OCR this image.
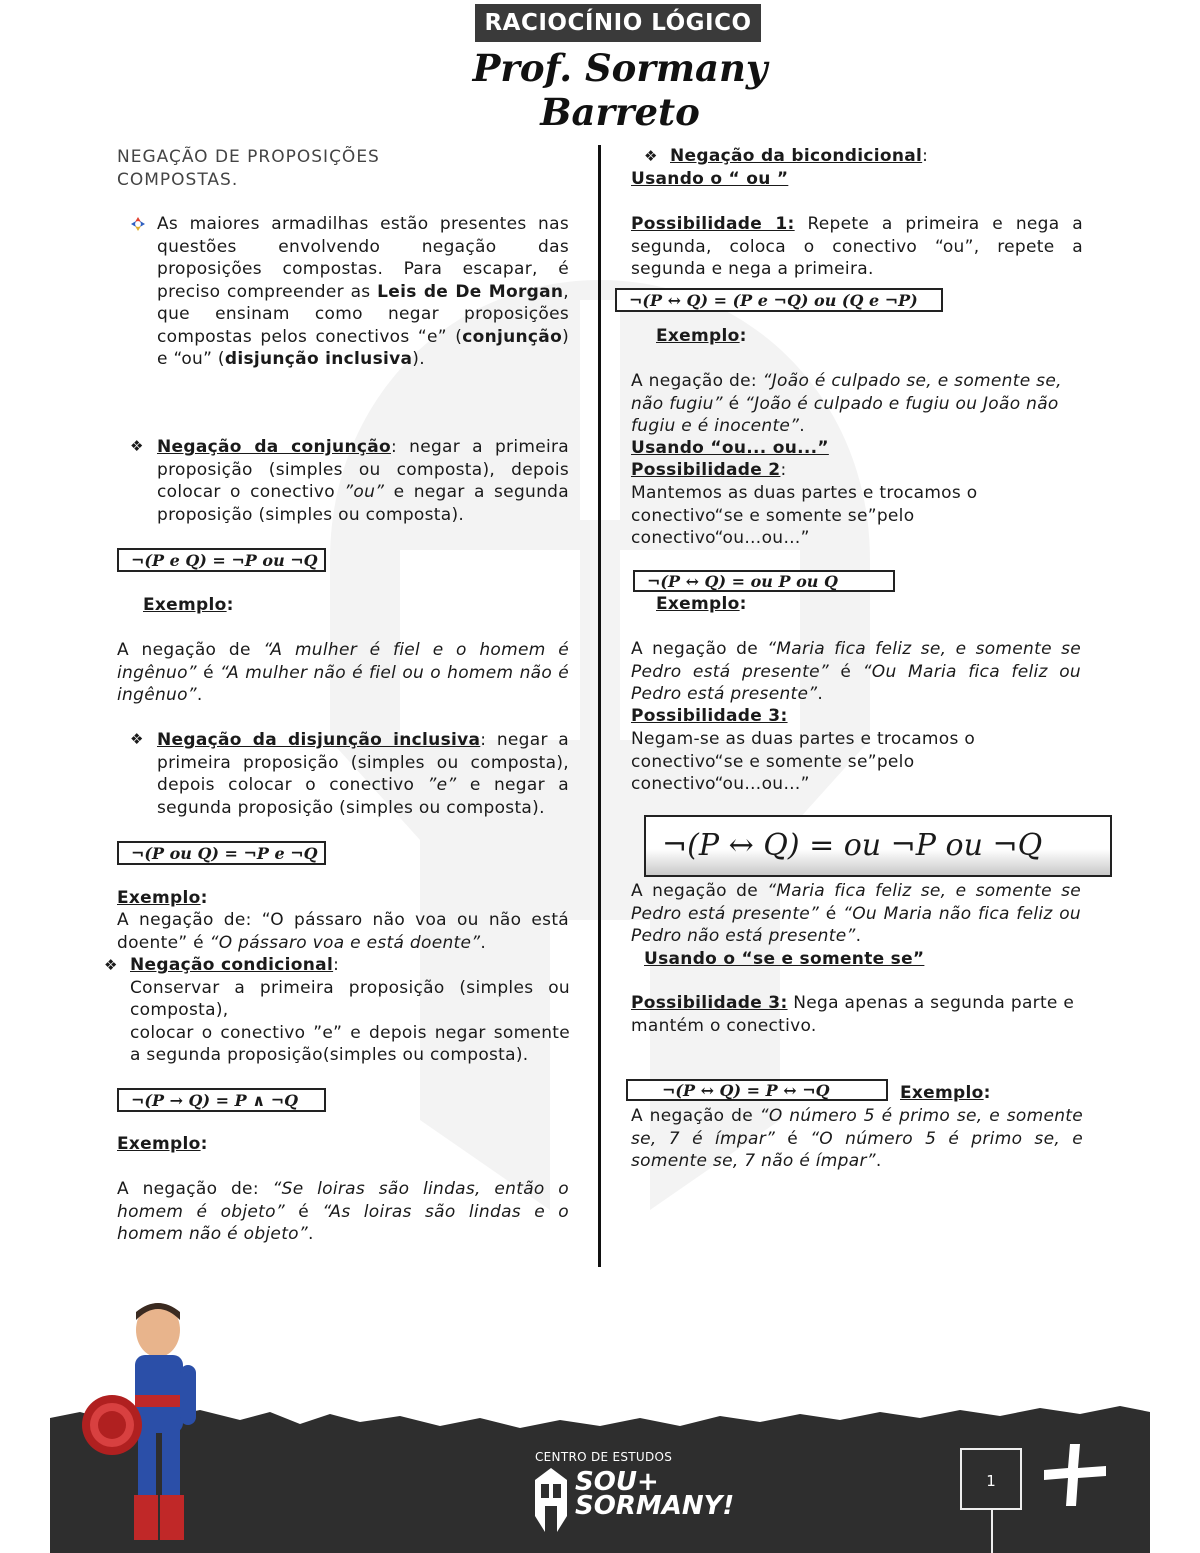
RACIOCÍNIO LÓGICO
Prof. Sormany Barreto
NEGAÇÃO DE PROPOSIÇÕES
COMPOSTAS.
As maiores armadilhas estão presentes nas questões envolvendo negação das proposições compostas. Para escapar, é preciso compreender as Leis de De Morgan, que ensinam como negar proposições compostas pelos conectivos “e” (conjunção) e “ou” (disjunção inclusiva).
❖ Negação da conjunção: negar a primeira proposição (simples ou composta), depois colocar o conectivo ”ou” e negar a segunda proposição (simples ou composta).
¬(P e Q) = ¬P ou ¬Q
Exemplo:
A negação de “A mulher é fiel e o homem é ingênuo” é “A mulher não é fiel ou o homem não é ingênuo”.
❖ Negação da disjunção inclusiva: negar a primeira proposição (simples ou composta), depois colocar o conectivo ”e” e negar a segunda proposição (simples ou composta).
¬(P ou Q) = ¬P e ¬Q
Exemplo:
A negação de: “O pássaro não voa ou não está doente” é “O pássaro voa e está doente”.
❖ Negação condicional:
Conservar a primeira proposição (simples ou composta),
colocar o conectivo ”e” e depois negar somente a segunda proposição(simples ou composta).
¬(P → Q) = P ∧ ¬Q
Exemplo:
A negação de: “Se loiras são lindas, então o homem é objeto” é “As loiras são lindas e o homem não é objeto”.
❖ Negação da bicondicional:
Usando o “ ou ”
Possibilidade 1: Repete a primeira e nega a segunda, coloca o conectivo “ou”, repete a segunda e nega a primeira.
¬(P ↔ Q) = (P e ¬Q) ou (Q e ¬P)
Exemplo:
A negação de: “João é culpado se, e somente se, não fugiu” é “João é culpado e fugiu ou João não fugiu e é inocente”.
Usando “ou... ou...”
Possibilidade 2:
Mantemos as duas partes e trocamos o conectivo“se e somente se”pelo conectivo“ou…ou…”
¬(P ↔ Q) = ou P ou Q
Exemplo:
A negação de “Maria fica feliz se, e somente se Pedro está presente” é “Ou Maria fica feliz ou Pedro está presente”.
Possibilidade 3:
Negam-se as duas partes e trocamos o conectivo“se e somente se”pelo conectivo“ou…ou…”
¬(P ↔ Q) = ou ¬P ou ¬Q
A negação de “Maria fica feliz se, e somente se Pedro está presente” é “Ou Maria não fica feliz ou Pedro não está presente”.
Usando o “se e somente se”
Possibilidade 3: Nega apenas a segunda parte e mantém o conectivo.
¬(P ↔ Q) = P ↔ ¬Q	Exemplo:
A negação de “O número 5 é primo se, e somente se, 7 é ímpar” é “O número 5 é primo se, e somente se, 7 não é ímpar”.
CENTRO DE ESTUDOS
SOU+
SORMANY!
1
